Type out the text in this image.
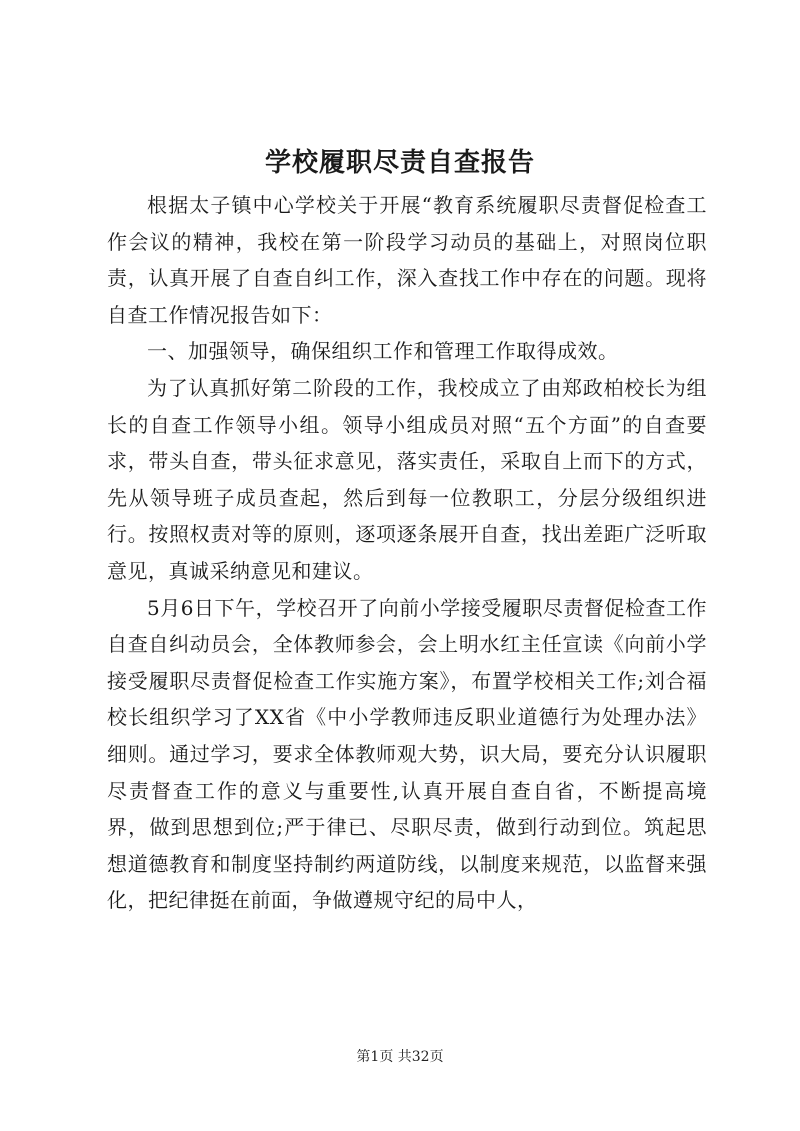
学校履职尽责自查报告

根据太子镇中心学校关于开展“教育系统履职尽责督促检查工作会议的精神，我校在第一阶段学习动员的基础上，对照岗位职责，认真开展了自查自纠工作，深入查找工作中存在的问题。现将自查工作情况报告如下：

一、加强领导，确保组织工作和管理工作取得成效。

为了认真抓好第二阶段的工作，我校成立了由郑政柏校长为组长的自查工作领导小组。领导小组成员对照“五个方面”的自查要求，带头自查，带头征求意见，落实责任，采取自上而下的方式，先从领导班子成员查起，然后到每一位教职工，分层分级组织进行。按照权责对等的原则，逐项逐条展开自查，找出差距广泛听取意见，真诚采纳意见和建议。

5月6日下午，学校召开了向前小学接受履职尽责督促检查工作自查自纠动员会，全体教师参会，会上明水红主任宣读《向前小学接受履职尽责督促检查工作实施方案》，布置学校相关工作;刘合福校长组织学习了XX省《中小学教师违反职业道德行为处理办法》细则。通过学习，要求全体教师观大势，识大局，要充分认识履职尽责督查工作的意义与重要性,认真开展自查自省，不断提高境界，做到思想到位;严于律已、尽职尽责，做到行动到位。筑起思想道德教育和制度坚持制约两道防线，以制度来规范，以监督来强化，把纪律挺在前面，争做遵规守纪的局中人，

第1页 共32页
